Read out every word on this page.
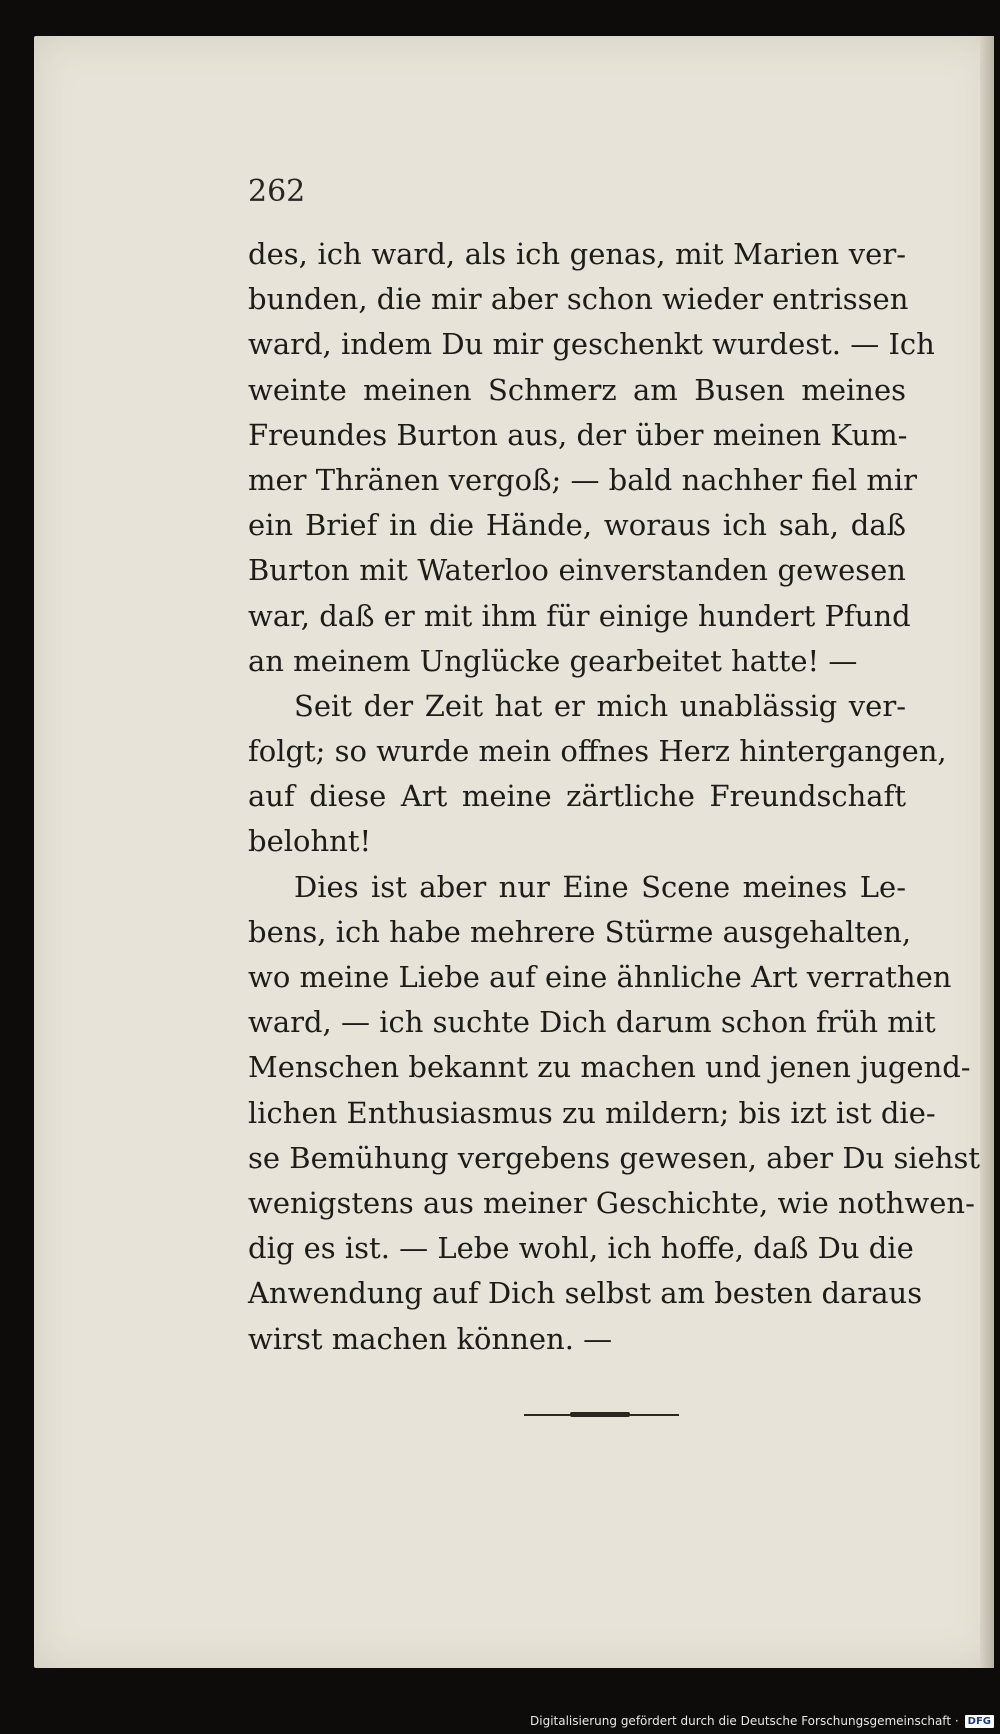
262

des, ich ward, als ich genas, mit Marien ver-
bunden, die mir aber schon wieder entrissen
ward, indem Du mir geschenkt wurdest. — Ich
weinte meinen Schmerz am Busen meines
Freundes Burton aus, der über meinen Kum-
mer Thränen vergoß; — bald nachher fiel mir
ein Brief in die Hände, woraus ich sah, daß
Burton mit Waterloo einverstanden gewesen
war, daß er mit ihm für einige hundert Pfund
an meinem Unglücke gearbeitet hatte! —

Seit der Zeit hat er mich unablässig ver-
folgt; so wurde mein offnes Herz hintergangen,
auf diese Art meine zärtliche Freundschaft
belohnt!

Dies ist aber nur Eine Scene meines Le-
bens, ich habe mehrere Stürme ausgehalten,
wo meine Liebe auf eine ähnliche Art verrathen
ward, — ich suchte Dich darum schon früh mit
Menschen bekannt zu machen und jenen jugend-
lichen Enthusiasmus zu mildern; bis izt ist die-
se Bemühung vergebens gewesen, aber Du siehst
wenigstens aus meiner Geschichte, wie nothwen-
dig es ist. — Lebe wohl, ich hoffe, daß Du die
Anwendung auf Dich selbst am besten daraus
wirst machen können. —

Digitalisierung gefördert durch die Deutsche Forschungsgemeinschaft · DFG
